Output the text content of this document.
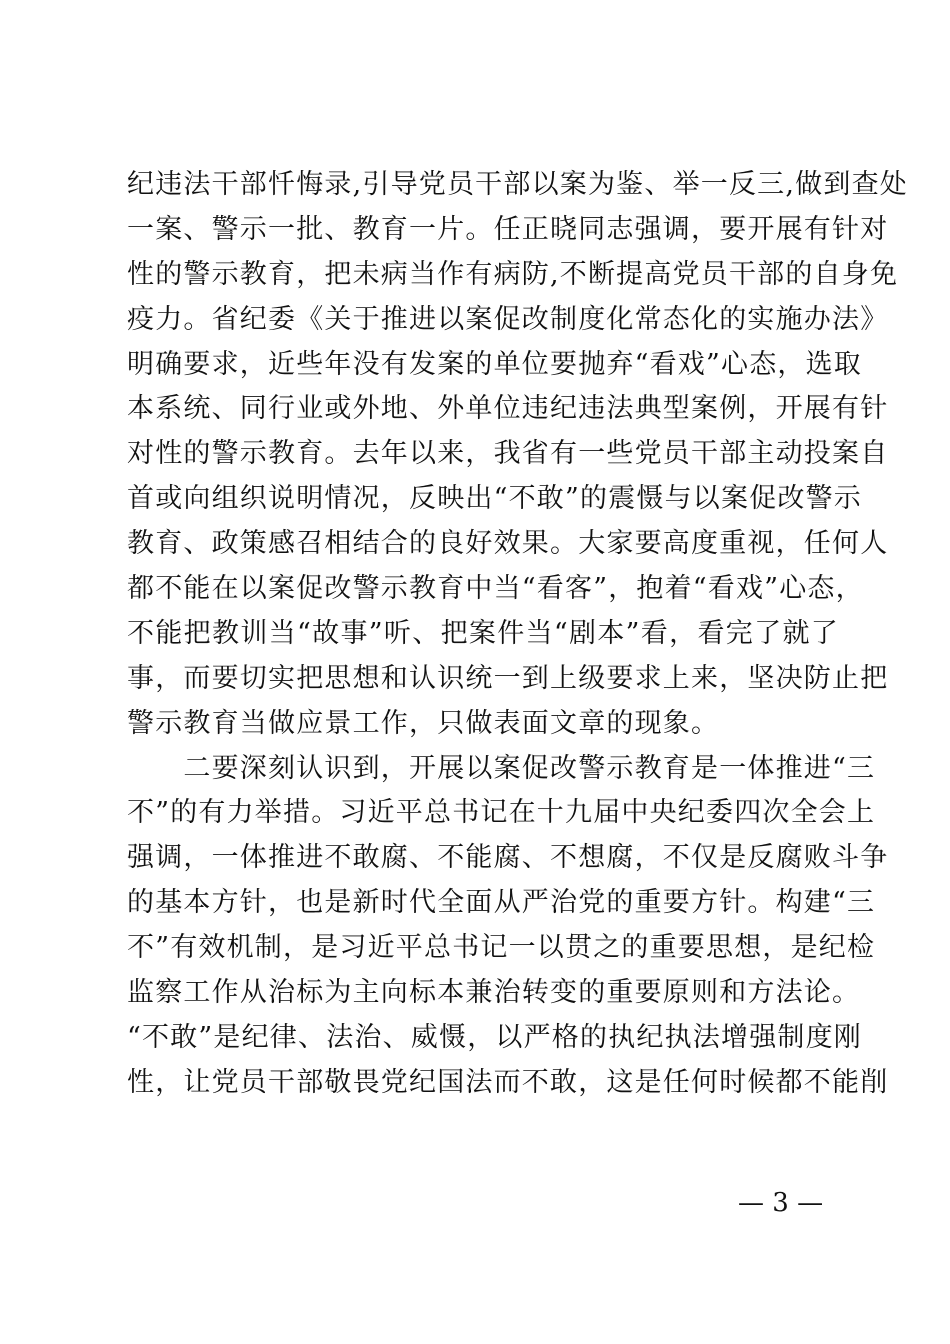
纪违法干部忏悔录,引导党员干部以案为鉴、举一反三,做到查处
一案、警示一批、教育一片。任正晓同志强调，要开展有针对
性的警示教育，把未病当作有病防,不断提高党员干部的自身免
疫力。省纪委《关于推进以案促改制度化常态化的实施办法》
明确要求，近些年没有发案的单位要抛弃“看戏”心态，选取
本系统、同行业或外地、外单位违纪违法典型案例，开展有针
对性的警示教育。去年以来，我省有一些党员干部主动投案自
首或向组织说明情况，反映出“不敢”的震慑与以案促改警示
教育、政策感召相结合的良好效果。大家要高度重视，任何人
都不能在以案促改警示教育中当“看客”，抱着“看戏”心态，
不能把教训当“故事”听、把案件当“剧本”看，看完了就了
事，而要切实把思想和认识统一到上级要求上来，坚决防止把
警示教育当做应景工作，只做表面文章的现象。
　　二要深刻认识到，开展以案促改警示教育是一体推进“三
不”的有力举措。习近平总书记在十九届中央纪委四次全会上
强调，一体推进不敢腐、不能腐、不想腐，不仅是反腐败斗争
的基本方针，也是新时代全面从严治党的重要方针。构建“三
不”有效机制，是习近平总书记一以贯之的重要思想，是纪检
监察工作从治标为主向标本兼治转变的重要原则和方法论。
“不敢”是纪律、法治、威慑，以严格的执纪执法增强制度刚
性，让党员干部敬畏党纪国法而不敢，这是任何时候都不能削
— 3 —
